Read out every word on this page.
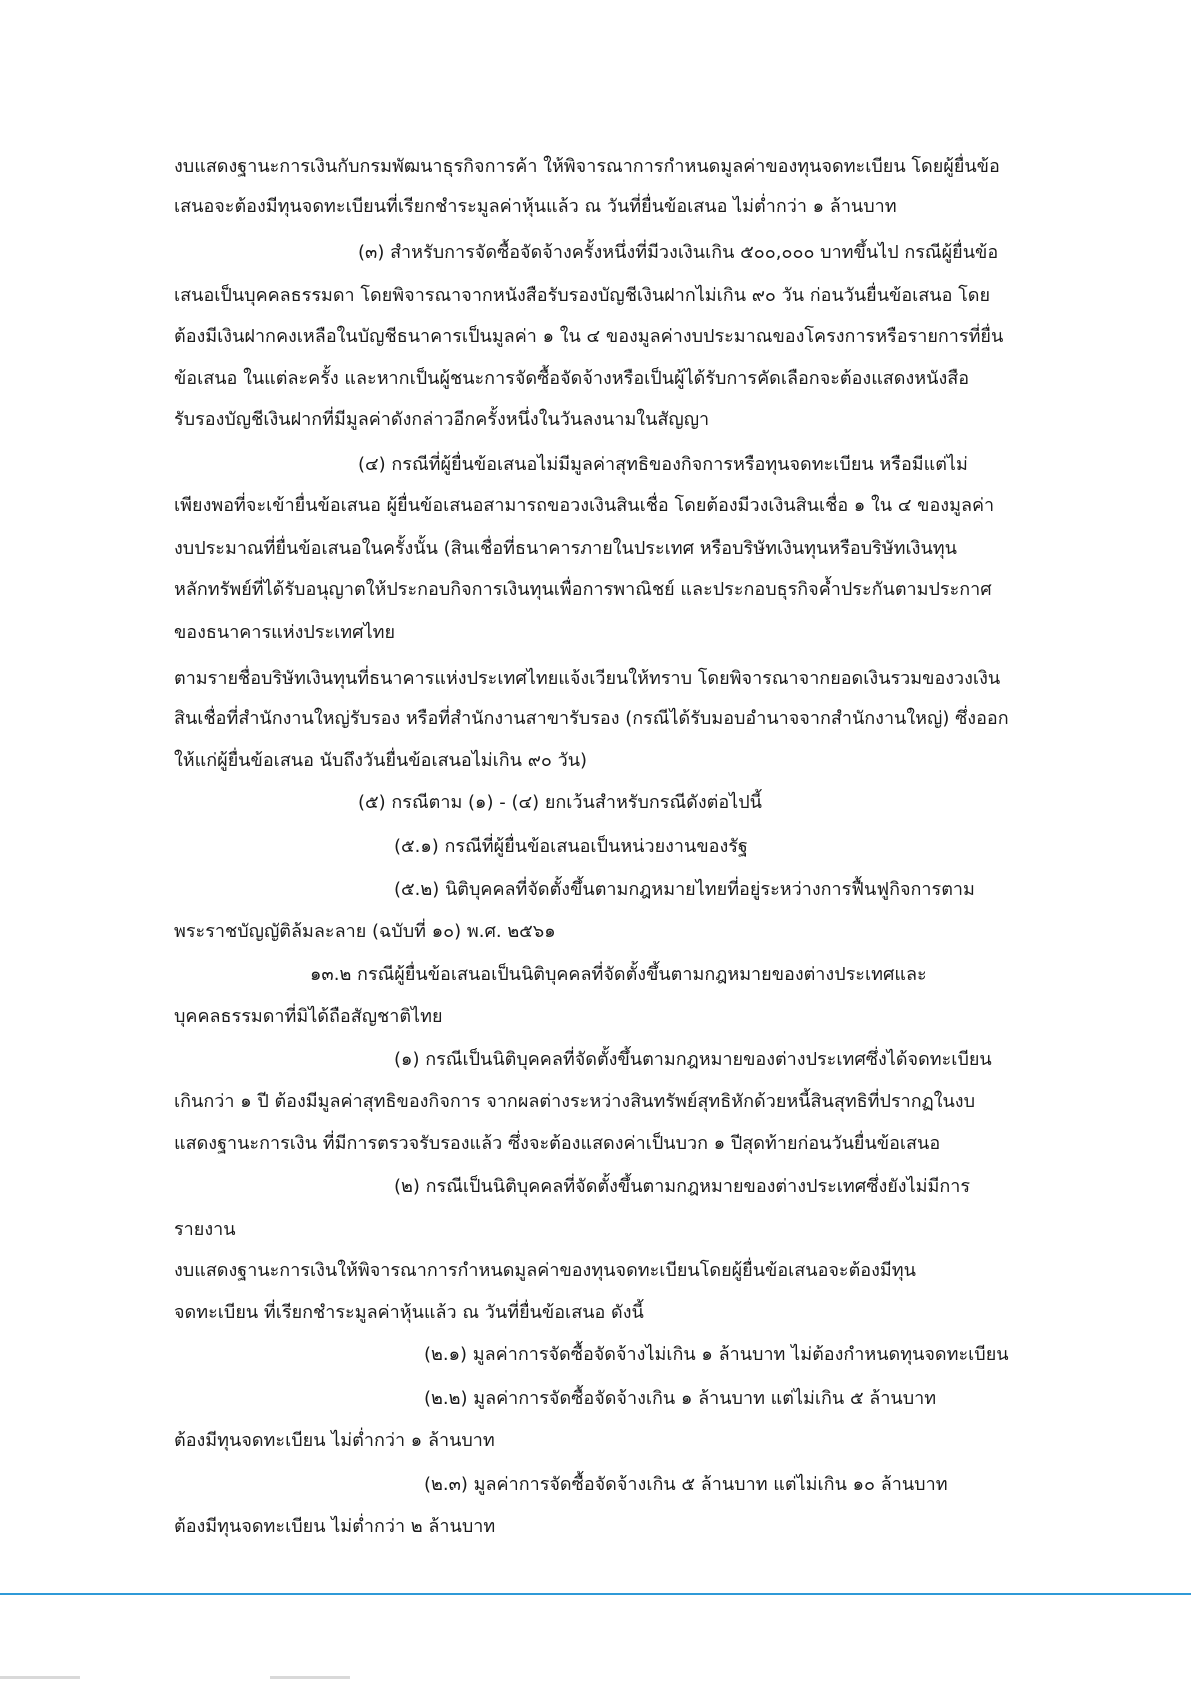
งบแสดงฐานะการเงินกับกรมพัฒนาธุรกิจการค้า ให้พิจารณาการกำหนดมูลค่าของทุนจดทะเบียน โดยผู้ยื่นข้อ
เสนอจะต้องมีทุนจดทะเบียนที่เรียกชำระมูลค่าหุ้นแล้ว ณ วันที่ยื่นข้อเสนอ ไม่ต่ำกว่า ๑ ล้านบาท
(๓) สำหรับการจัดซื้อจัดจ้างครั้งหนึ่งที่มีวงเงินเกิน ๕๐๐,๐๐๐ บาทขึ้นไป กรณีผู้ยื่นข้อ
เสนอเป็นบุคคลธรรมดา โดยพิจารณาจากหนังสือรับรองบัญชีเงินฝากไม่เกิน ๙๐ วัน ก่อนวันยื่นข้อเสนอ โดย
ต้องมีเงินฝากคงเหลือในบัญชีธนาคารเป็นมูลค่า ๑ ใน ๔ ของมูลค่างบประมาณของโครงการหรือรายการที่ยื่น
ข้อเสนอ ในแต่ละครั้ง และหากเป็นผู้ชนะการจัดซื้อจัดจ้างหรือเป็นผู้ได้รับการคัดเลือกจะต้องแสดงหนังสือ
รับรองบัญชีเงินฝากที่มีมูลค่าดังกล่าวอีกครั้งหนึ่งในวันลงนามในสัญญา
(๔) กรณีที่ผู้ยื่นข้อเสนอไม่มีมูลค่าสุทธิของกิจการหรือทุนจดทะเบียน หรือมีแต่ไม่
เพียงพอที่จะเข้ายื่นข้อเสนอ ผู้ยื่นข้อเสนอสามารถขอวงเงินสินเชื่อ โดยต้องมีวงเงินสินเชื่อ ๑ ใน ๔ ของมูลค่า
งบประมาณที่ยื่นข้อเสนอในครั้งนั้น (สินเชื่อที่ธนาคารภายในประเทศ หรือบริษัทเงินทุนหรือบริษัทเงินทุน
หลักทรัพย์ที่ได้รับอนุญาตให้ประกอบกิจการเงินทุนเพื่อการพาณิชย์ และประกอบธุรกิจค้ำประกันตามประกาศ
ของธนาคารแห่งประเทศไทย
ตามรายชื่อบริษัทเงินทุนที่ธนาคารแห่งประเทศไทยแจ้งเวียนให้ทราบ โดยพิจารณาจากยอดเงินรวมของวงเงิน
สินเชื่อที่สำนักงานใหญ่รับรอง หรือที่สำนักงานสาขารับรอง (กรณีได้รับมอบอำนาจจากสำนักงานใหญ่) ซึ่งออก
ให้แก่ผู้ยื่นข้อเสนอ นับถึงวันยื่นข้อเสนอไม่เกิน ๙๐ วัน)
(๕) กรณีตาม (๑) - (๔) ยกเว้นสำหรับกรณีดังต่อไปนี้
(๕.๑) กรณีที่ผู้ยื่นข้อเสนอเป็นหน่วยงานของรัฐ
(๕.๒) นิติบุคคลที่จัดตั้งขึ้นตามกฎหมายไทยที่อยู่ระหว่างการฟื้นฟูกิจการตาม
พระราชบัญญัติล้มละลาย (ฉบับที่ ๑๐) พ.ศ. ๒๕๖๑
๑๓.๒ กรณีผู้ยื่นข้อเสนอเป็นนิติบุคคลที่จัดตั้งขึ้นตามกฎหมายของต่างประเทศและ
บุคคลธรรมดาที่มิได้ถือสัญชาติไทย
(๑) กรณีเป็นนิติบุคคลที่จัดตั้งขึ้นตามกฎหมายของต่างประเทศซึ่งได้จดทะเบียน
เกินกว่า ๑ ปี ต้องมีมูลค่าสุทธิของกิจการ จากผลต่างระหว่างสินทรัพย์สุทธิหักด้วยหนี้สินสุทธิที่ปรากฏในงบ
แสดงฐานะการเงิน ที่มีการตรวจรับรองแล้ว ซึ่งจะต้องแสดงค่าเป็นบวก ๑ ปีสุดท้ายก่อนวันยื่นข้อเสนอ
(๒) กรณีเป็นนิติบุคคลที่จัดตั้งขึ้นตามกฎหมายของต่างประเทศซึ่งยังไม่มีการ
รายงาน
งบแสดงฐานะการเงินให้พิจารณาการกำหนดมูลค่าของทุนจดทะเบียนโดยผู้ยื่นข้อเสนอจะต้องมีทุน
จดทะเบียน ที่เรียกชำระมูลค่าหุ้นแล้ว ณ วันที่ยื่นข้อเสนอ ดังนี้
(๒.๑) มูลค่าการจัดซื้อจัดจ้างไม่เกิน ๑ ล้านบาท ไม่ต้องกำหนดทุนจดทะเบียน
(๒.๒) มูลค่าการจัดซื้อจัดจ้างเกิน ๑ ล้านบาท แต่ไม่เกิน ๕ ล้านบาท
ต้องมีทุนจดทะเบียน ไม่ต่ำกว่า ๑ ล้านบาท
(๒.๓) มูลค่าการจัดซื้อจัดจ้างเกิน ๕ ล้านบาท แต่ไม่เกิน ๑๐ ล้านบาท
ต้องมีทุนจดทะเบียน ไม่ต่ำกว่า ๒ ล้านบาท
